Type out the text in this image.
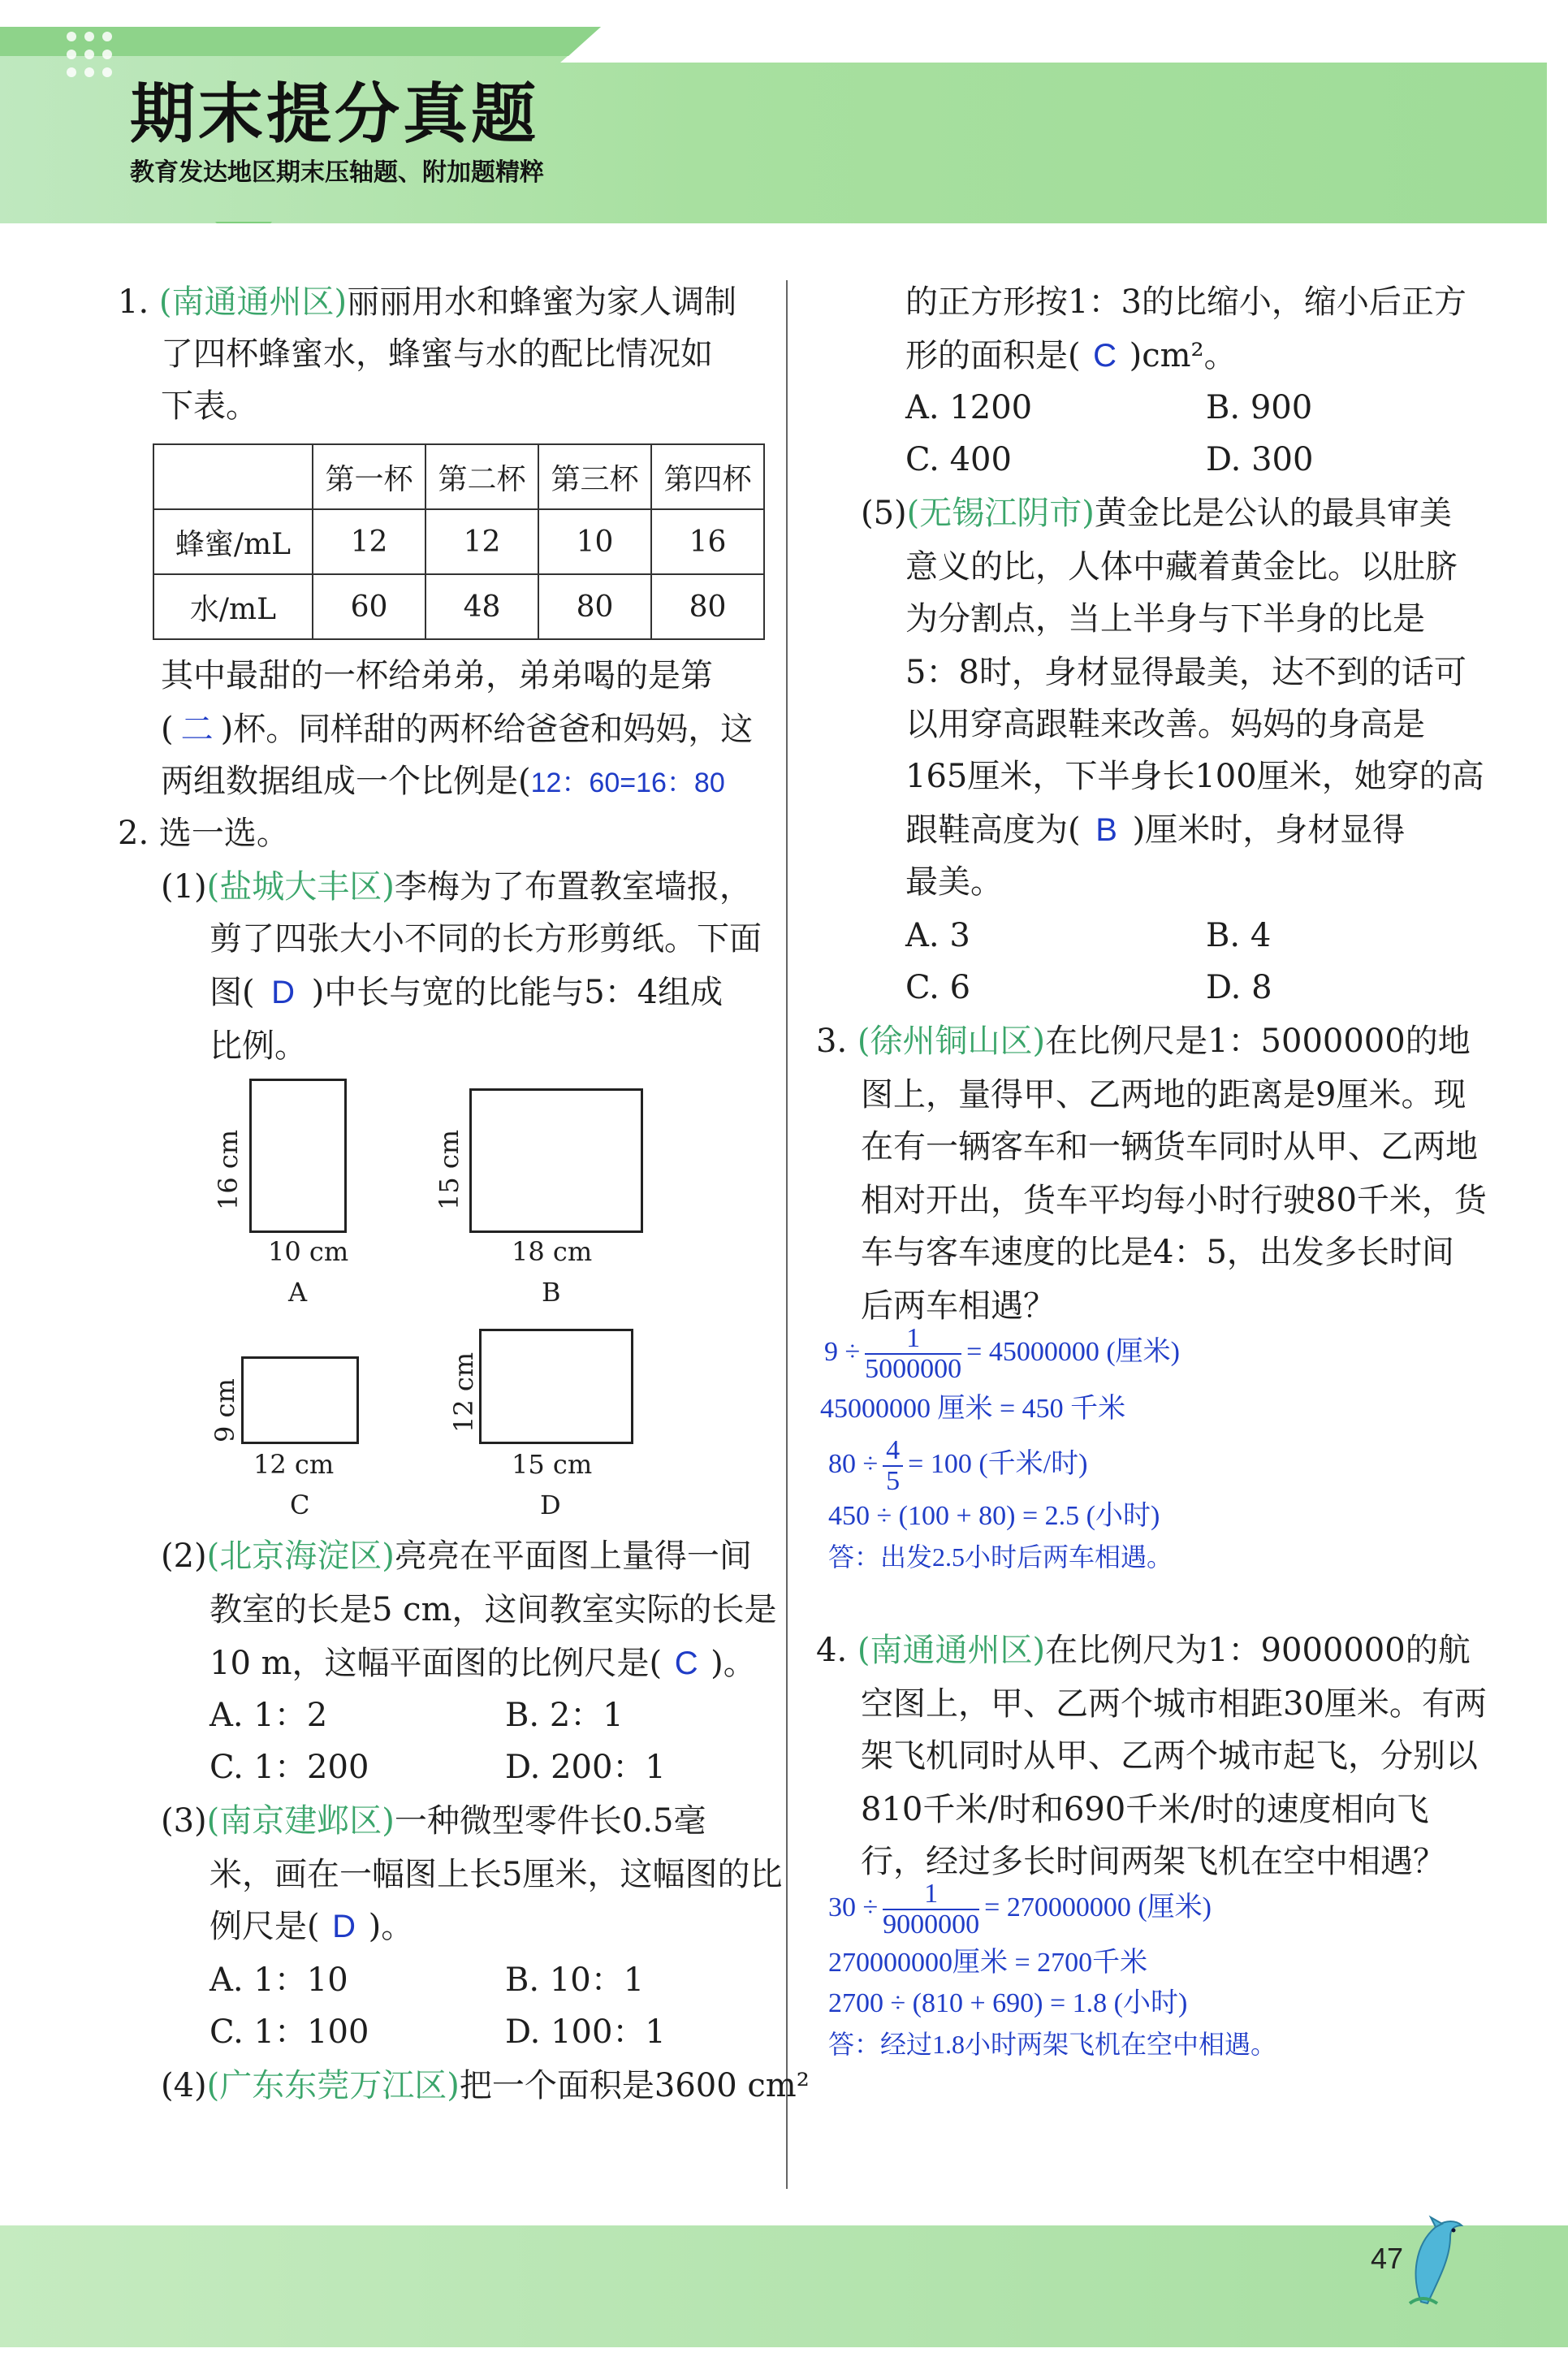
期末提分真题
教育发达地区期末压轴题、附加题精粹
1. (南通通州区)丽丽用水和蜂蜜为家人调制
了四杯蜂蜜水，蜂蜜与水的配比情况如
下表。
	第一杯	第二杯	第三杯	第四杯
蜂蜜/mL	12	12	10	16
水/mL	60	48	80	80
其中最甜的一杯给弟弟，弟弟喝的是第
( 二 )杯。同样甜的两杯给爸爸和妈妈，这
两组数据组成一个比例是(12：60=16：80
2. 选一选。
(1)(盐城大丰区)李梅为了布置教室墙报，
剪了四张大小不同的长方形剪纸。下面
图( D )中长与宽的比能与5：4组成
比例。
16 cm
10 cm
A
15 cm
18 cm
B
9 cm
12 cm
C
12 cm
15 cm
D
(2)(北京海淀区)亮亮在平面图上量得一间
教室的长是5 cm，这间教室实际的长是
10 m，这幅平面图的比例尺是( C )。
A. 1：2	B. 2：1
C. 1：200	D. 200：1
(3)(南京建邺区)一种微型零件长0.5毫
米，画在一幅图上长5厘米，这幅图的比
例尺是( D )。
A. 1：10	B. 10：1
C. 1：100	D. 100：1
(4)(广东东莞万江区)把一个面积是3600 cm²
的正方形按1：3的比缩小，缩小后正方
形的面积是( C )cm²。
A. 1200	B. 900
C. 400	D. 300
(5)(无锡江阴市)黄金比是公认的最具审美
意义的比，人体中藏着黄金比。以肚脐
为分割点，当上半身与下半身的比是
5：8时，身材显得最美，达不到的话可
以用穿高跟鞋来改善。妈妈的身高是
165厘米，下半身长100厘米，她穿的高
跟鞋高度为( B )厘米时，身材显得
最美。
A. 3	B. 4
C. 6	D. 8
3. (徐州铜山区)在比例尺是1：5000000的地
图上，量得甲、乙两地的距离是9厘米。现
在有一辆客车和一辆货车同时从甲、乙两地
相对开出，货车平均每小时行驶80千米，货
车与客车速度的比是4：5，出发多长时间
后两车相遇？
$9 \div \frac{1}{5000000} = 45000000$ (厘米)
45000000 厘米 = 450 千米
$80 \div \frac{4}{5} = 100$ (千米/时)
450 ÷ (100 + 80) = 2.5 (小时)
答：出发2.5小时后两车相遇。
4. (南通通州区)在比例尺为1：9000000的航
空图上，甲、乙两个城市相距30厘米。有两
架飞机同时从甲、乙两个城市起飞，分别以
810千米/时和690千米/时的速度相向飞
行，经过多长时间两架飞机在空中相遇？
$30 \div \frac{1}{9000000} = 270000000$ (厘米)
270000000厘米 = 2700千米
2700 ÷ (810 + 690) = 1.8 (小时)
答：经过1.8小时两架飞机在空中相遇。
47
